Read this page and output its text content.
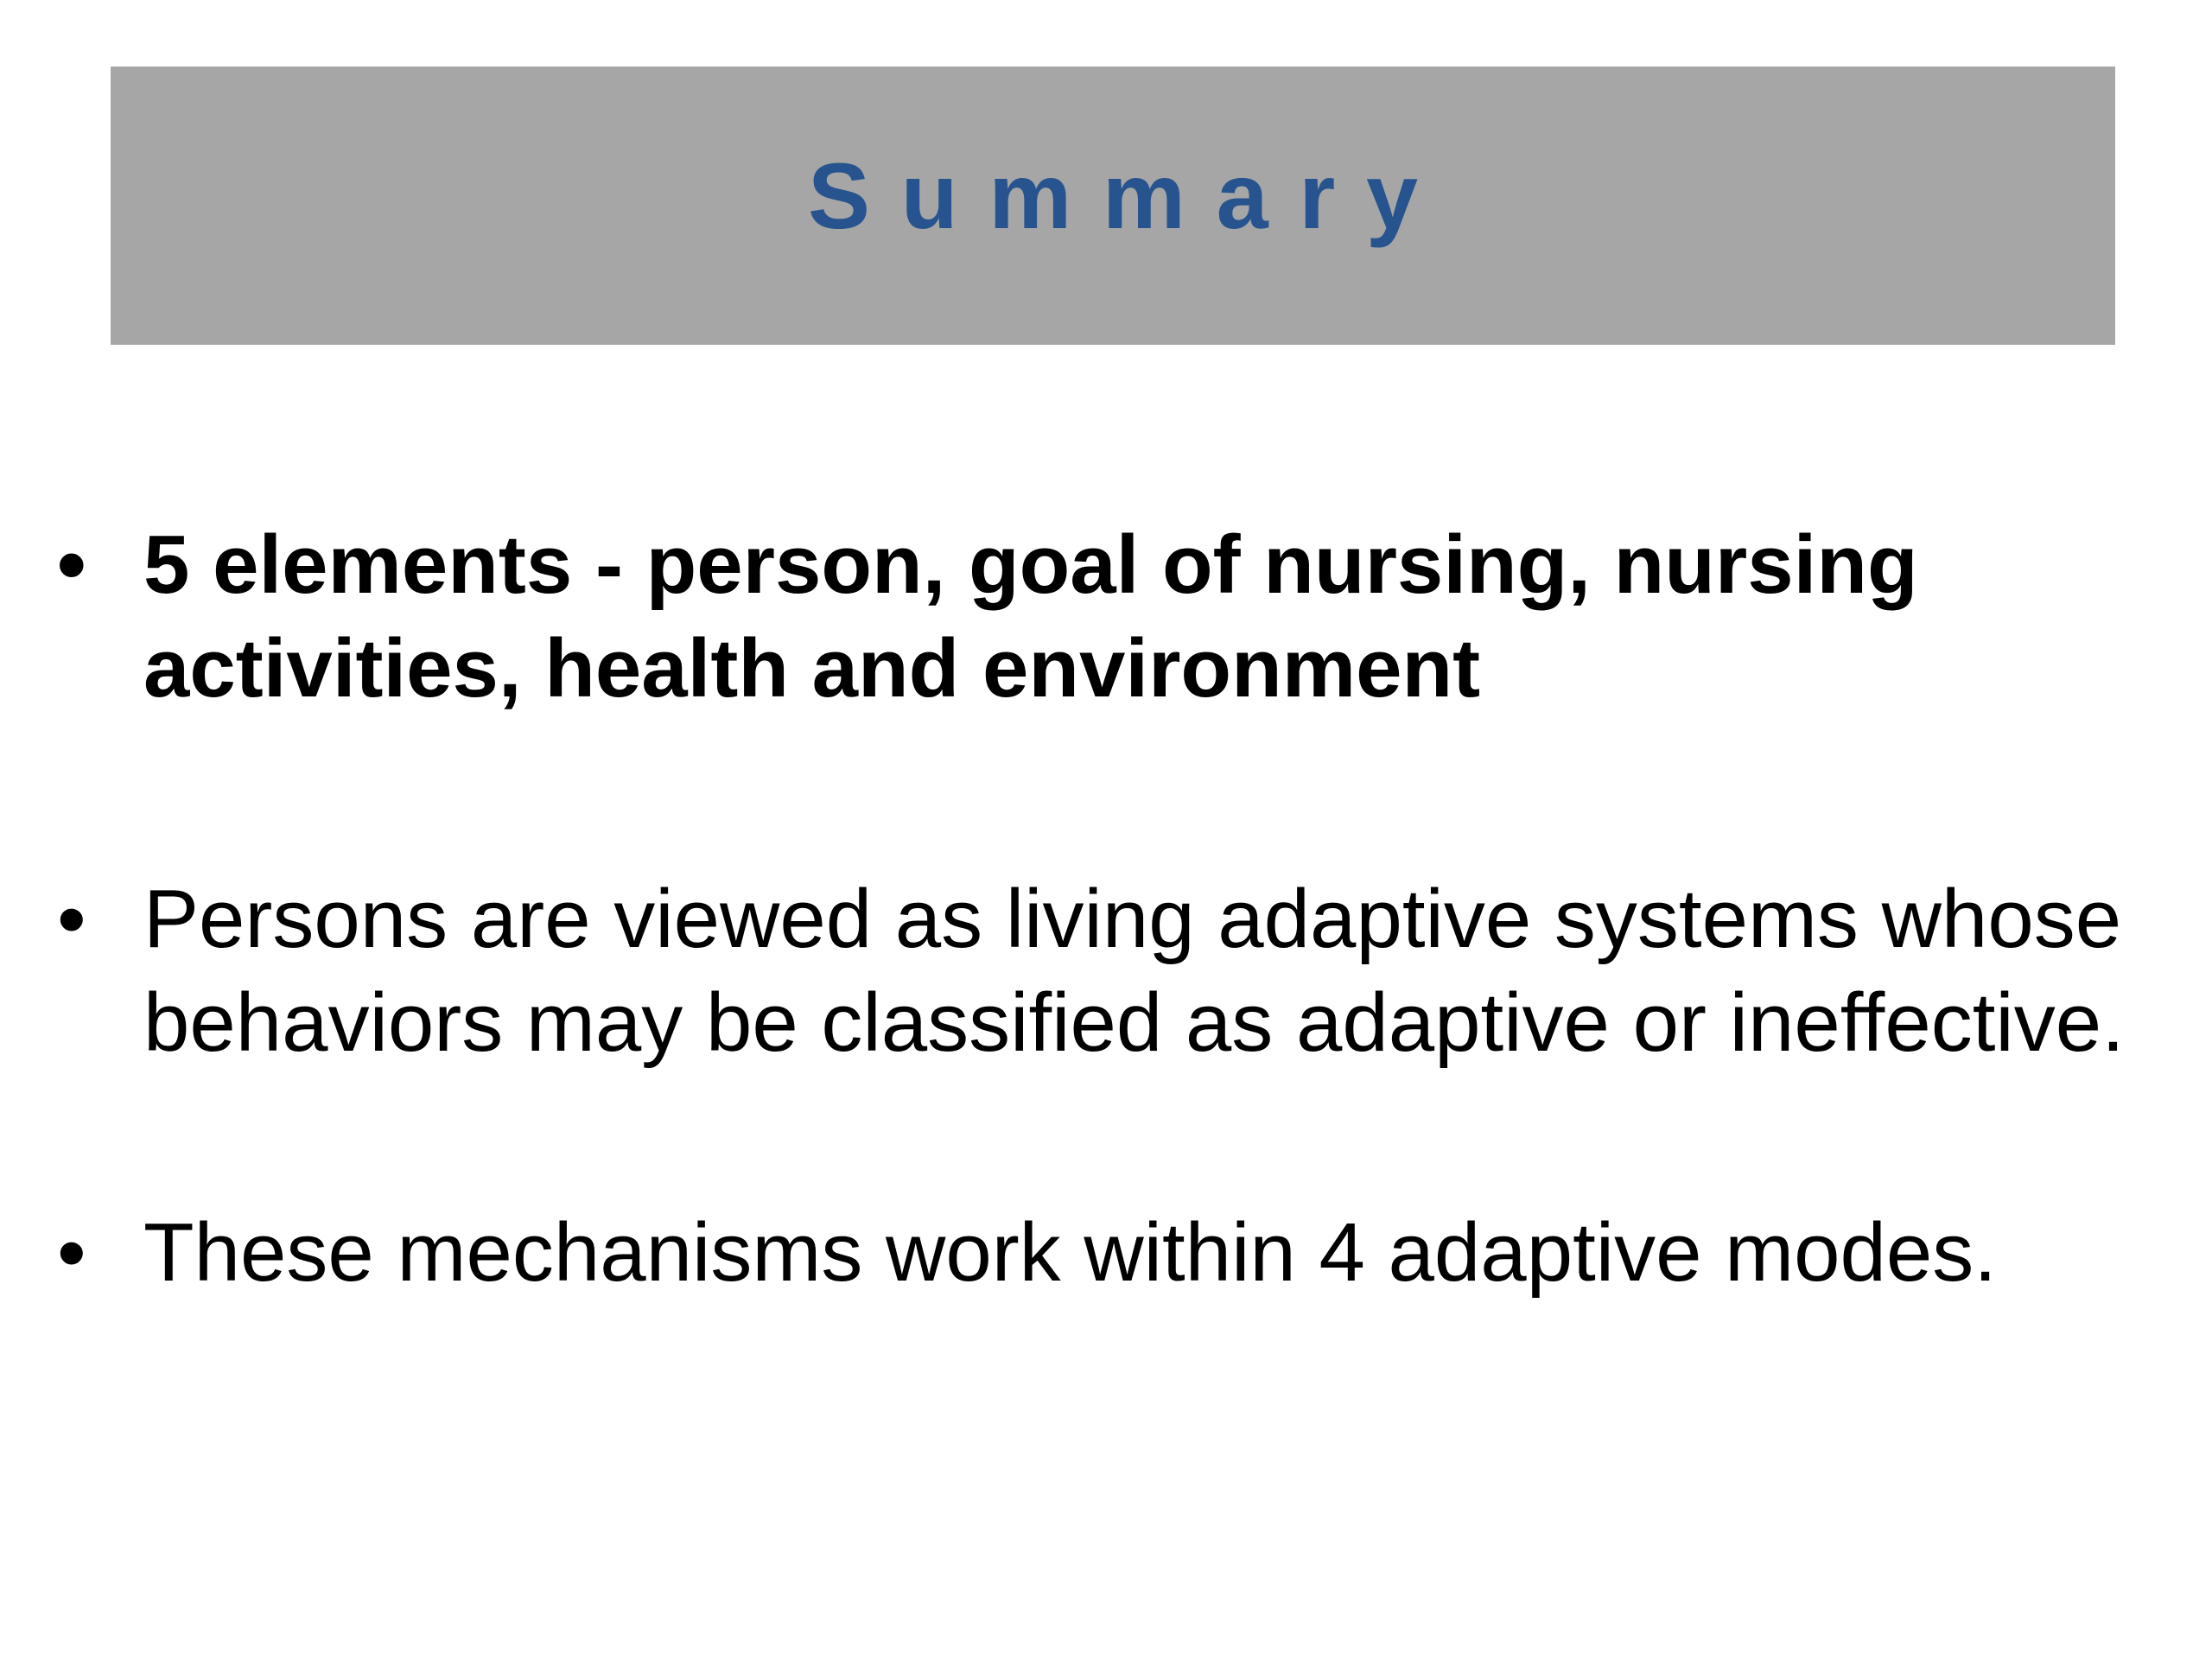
Summary
• 5 elements - person, goal of nursing, nursing activities, health and environment
• Persons are viewed as living adaptive systems whose behaviors may be classified as adaptive or ineffective.
• These mechanisms work within 4 adaptive modes.
